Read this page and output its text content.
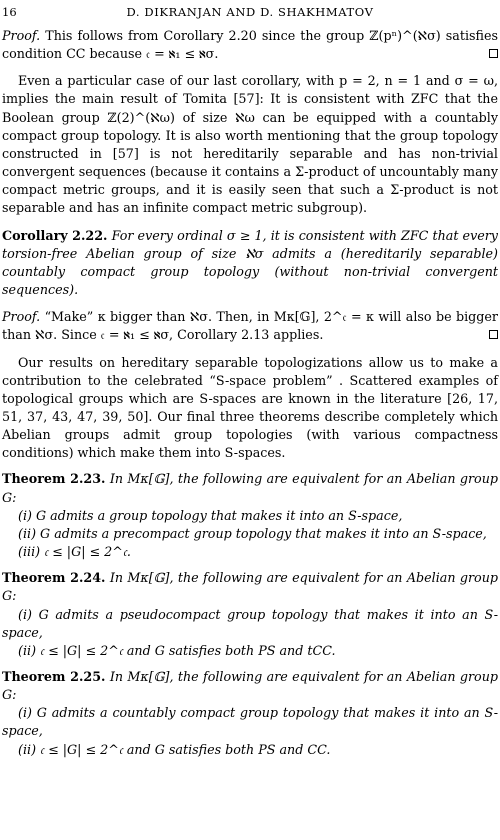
16	D. DIKRANJAN AND D. SHAKHMATOV

Proof. This follows from Corollary 2.20 since the group ℤ(pⁿ)^(ℵσ) satisfies condition CC because 𝔠 = ℵ₁ ≤ ℵσ.

Even a particular case of our last corollary, with p = 2, n = 1 and σ = ω, implies the main result of Tomita [57]: It is consistent with ZFC that the Boolean group ℤ(2)^(ℵω) of size ℵω can be equipped with a countably compact group topology. It is also worth mentioning that the group topology constructed in [57] is not hereditarily separable and has non-trivial convergent sequences (because it contains a Σ-product of uncountably many compact metric groups, and it is easily seen that such a Σ-product is not separable and has an infinite compact metric subgroup).

Corollary 2.22. For every ordinal σ ≥ 1, it is consistent with ZFC that every torsion-free Abelian group of size ℵσ admits a (hereditarily separable) countably compact group topology (without non-trivial convergent sequences).

Proof. “Make” κ bigger than ℵσ. Then, in Mκ[𝔾], 2^𝔠 = κ will also be bigger than ℵσ. Since 𝔠 = ℵ₁ ≤ ℵσ, Corollary 2.13 applies.

Our results on hereditary separable topologizations allow us to make a contribution to the celebrated “S-space problem” . Scattered examples of topological groups which are S-spaces are known in the literature [26, 17, 51, 37, 43, 47, 39, 50]. Our final three theorems describe completely which Abelian groups admit group topologies (with various compactness conditions) which make them into S-spaces.

Theorem 2.23. In Mκ[𝔾], the following are equivalent for an Abelian group G:

(i) G admits a group topology that makes it into an S-space,

(ii) G admits a precompact group topology that makes it into an S-space,

(iii) 𝔠 ≤ |G| ≤ 2^𝔠.

Theorem 2.24. In Mκ[𝔾], the following are equivalent for an Abelian group G:

(i) G admits a pseudocompact group topology that makes it into an S-space,

(ii) 𝔠 ≤ |G| ≤ 2^𝔠 and G satisfies both PS and tCC.

Theorem 2.25. In Mκ[𝔾], the following are equivalent for an Abelian group G:

(i) G admits a countably compact group topology that makes it into an S-space,

(ii) 𝔠 ≤ |G| ≤ 2^𝔠 and G satisfies both PS and CC.
